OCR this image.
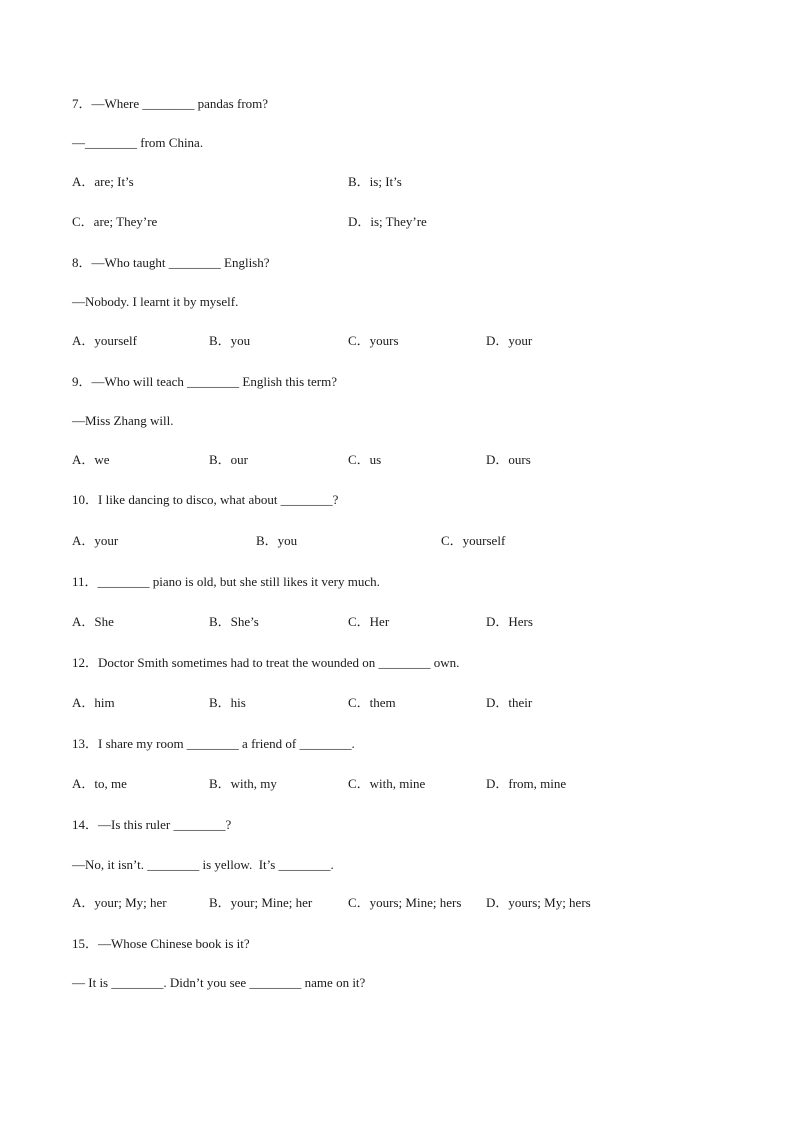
7．—Where ________ pandas from?
—________ from China.
A．are; It’s	B．is; It’s
C．are; They’re	D．is; They’re
8．—Who taught ________ English?
—Nobody. I learnt it by myself.
A．yourself	B．you	C．yours	D．your
9．—Who will teach ________ English this term?
—Miss Zhang will.
A．we	B．our	C．us	D．ours
10．I like dancing to disco, what about ________?
A．your	B．you	C．yourself
11．________ piano is old, but she still likes it very much.
A．She	B．She’s	C．Her	D．Hers
12．Doctor Smith sometimes had to treat the wounded on ________ own.
A．him	B．his	C．them	D．their
13．I share my room ________ a friend of ________.
A．to, me	B．with, my	C．with, mine	D．from, mine
14．—Is this ruler ________?
—No, it isn’t. ________ is yellow.  It’s ________.
A．your; My; her	B．your; Mine; her	C．yours; Mine; hers D．yours; My; hers
15．—Whose Chinese book is it?
— It is ________. Didn’t you see ________ name on it?
